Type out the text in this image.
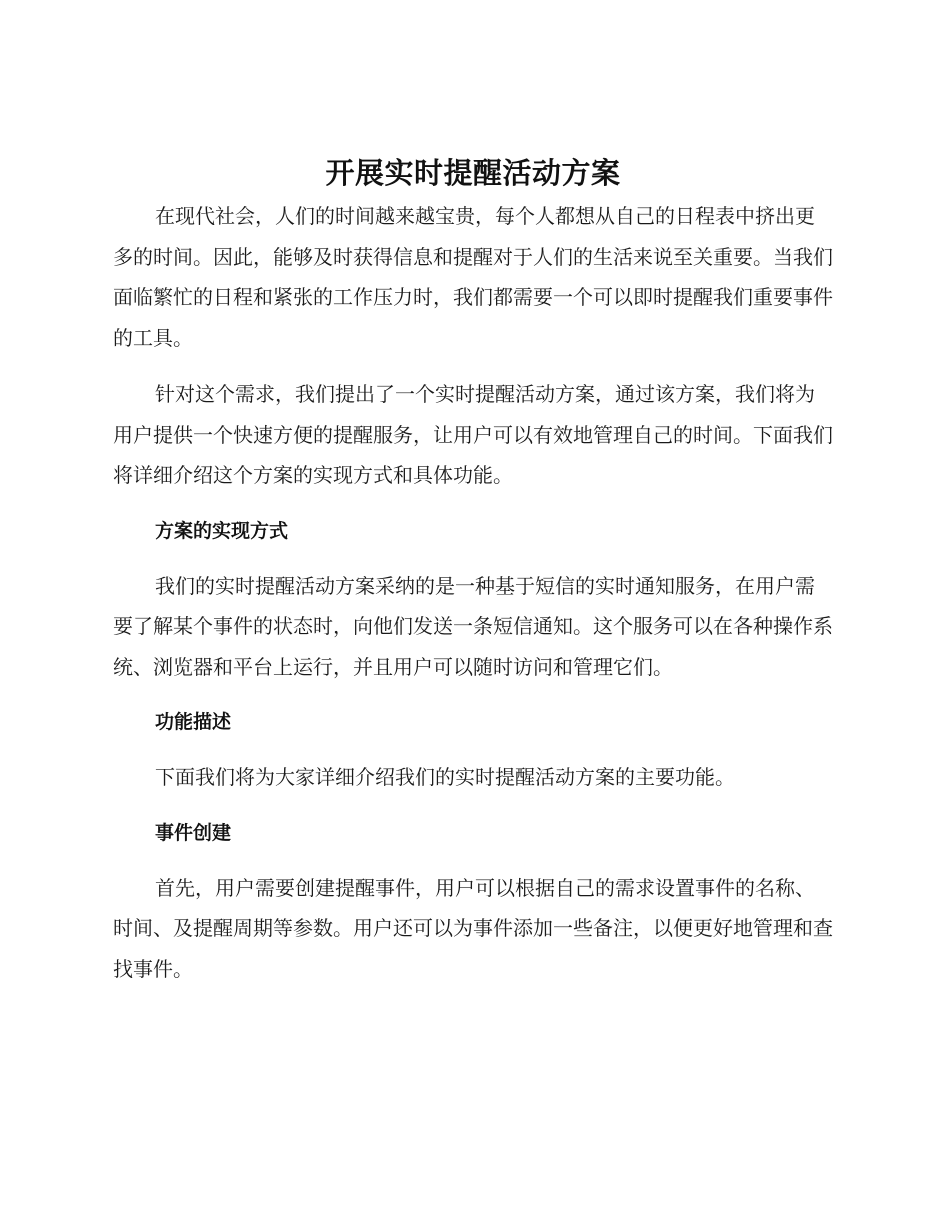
开展实时提醒活动方案

在现代社会，人们的时间越来越宝贵，每个人都想从自己的日程表中挤出更多的时间。因此，能够及时获得信息和提醒对于人们的生活来说至关重要。当我们面临繁忙的日程和紧张的工作压力时，我们都需要一个可以即时提醒我们重要事件的工具。

针对这个需求，我们提出了一个实时提醒活动方案，通过该方案，我们将为用户提供一个快速方便的提醒服务，让用户可以有效地管理自己的时间。下面我们将详细介绍这个方案的实现方式和具体功能。

方案的实现方式

我们的实时提醒活动方案采纳的是一种基于短信的实时通知服务，在用户需要了解某个事件的状态时，向他们发送一条短信通知。这个服务可以在各种操作系统、浏览器和平台上运行，并且用户可以随时访问和管理它们。

功能描述

下面我们将为大家详细介绍我们的实时提醒活动方案的主要功能。

事件创建

首先，用户需要创建提醒事件，用户可以根据自己的需求设置事件的名称、时间、及提醒周期等参数。用户还可以为事件添加一些备注，以便更好地管理和查找事件。
